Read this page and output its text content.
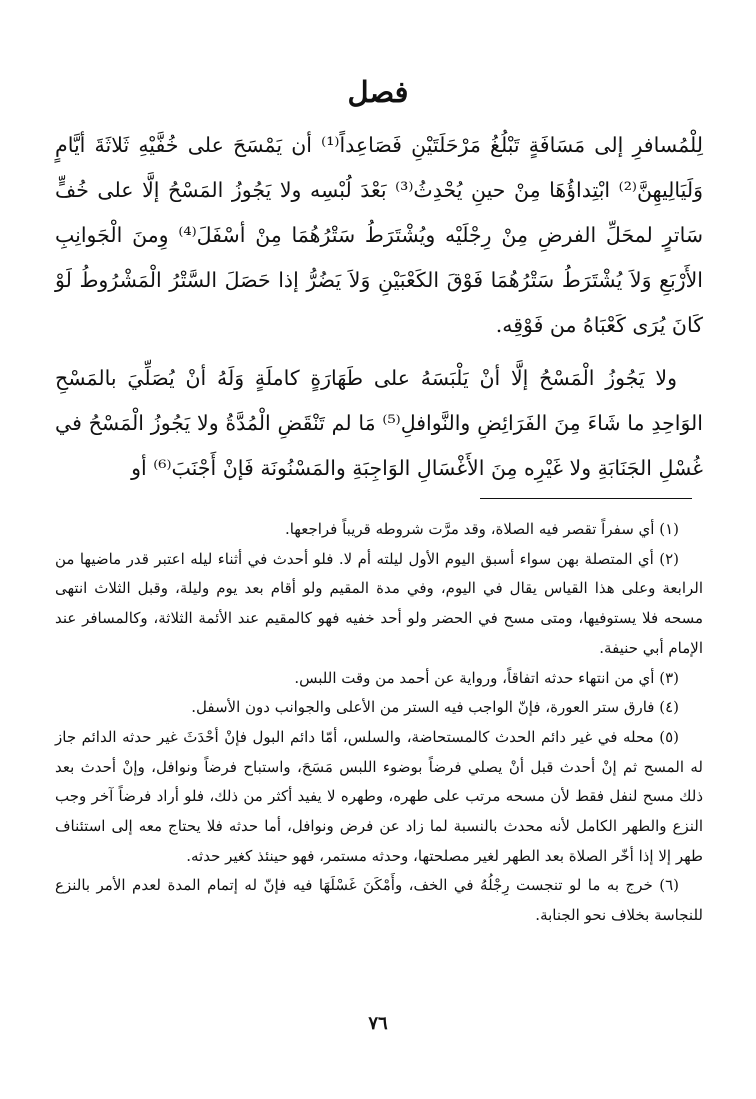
فصل

لِلْمُسافرِ إلى مَسَافَةٍ تَبْلُغُ مَرْحَلَتَيْنِ فَصَاعِداً⁽¹⁾ أن يَمْسَحَ على خُفَّيْهِ ثَلاثَةَ أيَّامٍ وَلَيَالِيهِنَّ⁽²⁾ ابْتِداؤُهَا مِنْ حينِ يُحْدِثُ⁽³⁾ بَعْدَ لُبْسِه ولا يَجُوزُ المَسْحُ إلَّا على خُفٍّ سَاترٍ لمحَلِّ الفرضِ مِنْ رِجْلَيْه ويُشْتَرَطُ سَتْرُهُمَا مِنْ أسْفَلَ⁽⁴⁾ وِمنَ الْجَوانِبِ الأَرْبَعِ وَلاَ يُشْتَرَطُ سَتْرُهُمَا فَوْقَ الكَعْبَيْنِ وَلاَ يَضُرُّ إذا حَصَلَ السَّتْرُ الْمَشْرُوطُ لَوْ كَانَ يُرَى كَعْبَاهُ من فَوْقِه.

ولا يَجُوزُ الْمَسْحُ إلَّا أنْ يَلْبَسَهُ على طَهَارَةٍ كاملَةٍ وَلَهُ أنْ يُصَلِّيَ بالمَسْحِ الوَاحِدِ ما شَاءَ مِنَ الفَرَائِضِ والنَّوافلِ⁽⁵⁾ مَا لم تَنْقَضِ الْمُدَّةُ ولا يَجُوزُ الْمَسْحُ في غُسْلِ الجَنَابَةِ ولا غَيْرِه مِنَ الأَغْسَالِ الوَاجِبَةِ والمَسْنُونَة فَإنْ أَجْنَبَ⁽⁶⁾ أو

(١) أي سفراً تقصر فيه الصلاة، وقد مرَّت شروطه قريباً فراجعها.

(٢) أي المتصلة بهن سواء أسبق اليوم الأول ليلته أم لا. فلو أحدث في أثناء ليله اعتبر قدر ماضيها من الرابعة وعلى هذا القياس يقال في اليوم، وفي مدة المقيم ولو أقام بعد يوم وليلة، وقبل الثلاث انتهى مسحه فلا يستوفيها، ومتى مسح في الحضر ولو أحد خفيه فهو كالمقيم عند الأئمة الثلاثة، وكالمسافر عند الإمام أبي حنيفة.

(٣) أي من انتهاء حدثه اتفاقاً، ورواية عن أحمد من وقت اللبس.

(٤) فارق ستر العورة، فإنّ الواجب فيه الستر من الأعلى والجوانب دون الأسفل.

(٥) محله في غير دائم الحدث كالمستحاضة، والسلس، أمّا دائم البول فإنْ أحْدَثَ غير حدثه الدائم جاز له المسح ثم إنْ أحدث قبل أنْ يصلي فرضاً بوضوء اللبس مَسَحَ، واستباح فرضاً ونوافل، وإنْ أحدث بعد ذلك مسح لنفل فقط لأن مسحه مرتب على طهره، وطهره لا يفيد أكثر من ذلك، فلو أراد فرضاً آخر وجب النزع والطهر الكامل لأنه محدث بالنسبة لما زاد عن فرض ونوافل، أما حدثه فلا يحتاج معه إلى استئناف طهر إلا إذا أخّر الصلاة بعد الطهر لغير مصلحتها، وحدثه مستمر، فهو حينئذ كغير حدثه.

(٦) خرج به ما لو تنجست رِجْلُهُ في الخف، وأَمْكَنَ غَسْلَهَا فيه فإنّ له إتمام المدة لعدم الأمر بالنزع للنجاسة بخلاف نحو الجنابة.

٧٦
